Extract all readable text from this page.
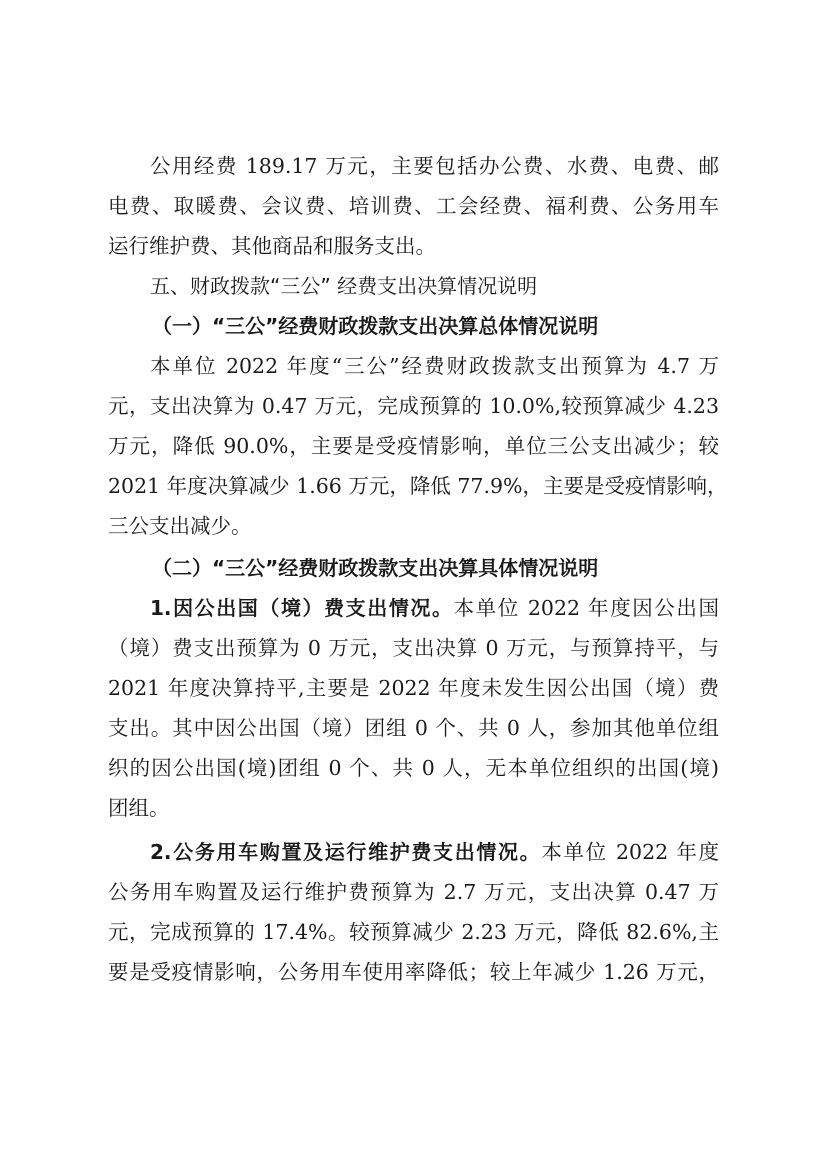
公用经费 189.17 万元，主要包括办公费、水费、电费、邮
电费、取暖费、会议费、培训费、工会经费、福利费、公务用车
运行维护费、其他商品和服务支出。
五、财政拨款“三公” 经费支出决算情况说明
（一）“三公”经费财政拨款支出决算总体情况说明
本单位 2022 年度“三公”经费财政拨款支出预算为 4.7 万
元，支出决算为 0.47 万元，完成预算的 10.0%,较预算减少 4.23
万元，降低 90.0%，主要是受疫情影响，单位三公支出减少；较
2021 年度决算减少 1.66 万元，降低 77.9%，主要是受疫情影响，
三公支出减少。
（二）“三公”经费财政拨款支出决算具体情况说明
1.因公出国（境）费支出情况。本单位 2022 年度因公出国
（境）费支出预算为 0 万元，支出决算 0 万元，与预算持平，与
2021 年度决算持平,主要是 2022 年度未发生因公出国（境）费
支出。其中因公出国（境）团组 0 个、共 0 人，参加其他单位组
织的因公出国(境)团组 0 个、共 0 人，无本单位组织的出国(境)
团组。
2.公务用车购置及运行维护费支出情况。本单位 2022 年度
公务用车购置及运行维护费预算为 2.7 万元，支出决算 0.47 万
元，完成预算的 17.4%。较预算减少 2.23 万元，降低 82.6%,主
要是受疫情影响，公务用车使用率降低；较上年减少 1.26 万元，
